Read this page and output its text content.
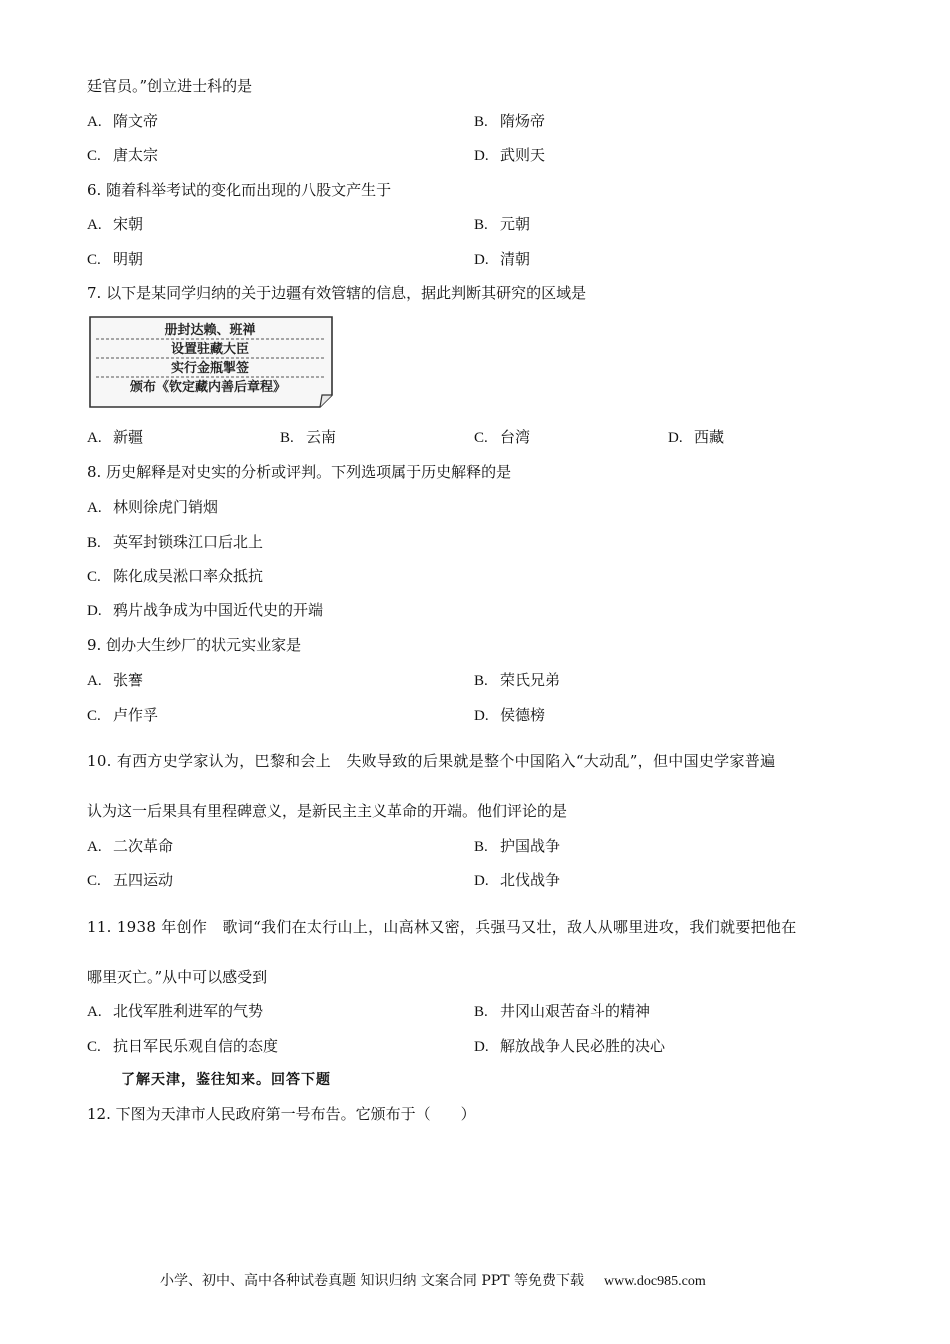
廷官员。”创立进士科的是
A. 隋文帝	B. 隋炀帝
C. 唐太宗	D. 武则天
6. 随着科举考试的变化而出现的八股文产生于
A. 宋朝	B. 元朝
C. 明朝	D. 清朝
7. 以下是某同学归纳的关于边疆有效管辖的信息，据此判断其研究的区域是
册封达赖、班禅
设置驻藏大臣
实行金瓶掣签
颁布《钦定藏内善后章程》
A. 新疆	B. 云南	C. 台湾	D. 西藏
8. 历史解释是对史实的分析或评判。下列选项属于历史解释的是
A. 林则徐虎门销烟
B. 英军封锁珠江口后北上
C. 陈化成吴淞口率众抵抗
D. 鸦片战争成为中国近代史的开端
9. 创办大生纱厂的状元实业家是
A. 张謇	B. 荣氏兄弟
C. 卢作孚	D. 侯德榜
10. 有西方史学家认为，巴黎和会上　失败导致的后果就是整个中国陷入“大动乱”，但中国史学家普遍
认为这一后果具有里程碑意义，是新民主主义革命的开端。他们评论的是
A. 二次革命	B. 护国战争
C. 五四运动	D. 北伐战争
11. 1938 年创作　歌词“我们在太行山上，山高林又密，兵强马又壮，敌人从哪里进攻，我们就要把他在
哪里灭亡。”从中可以感受到
A. 北伐军胜利进军的气势	B. 井冈山艰苦奋斗的精神
C. 抗日军民乐观自信的态度	D. 解放战争人民必胜的决心
了解天津，鉴往知来。回答下题
12. 下图为天津市人民政府第一号布告。它颁布于（　　）
小学、初中、高中各种试卷真题 知识归纳 文案合同 PPT 等免费下载 www.doc985.com
